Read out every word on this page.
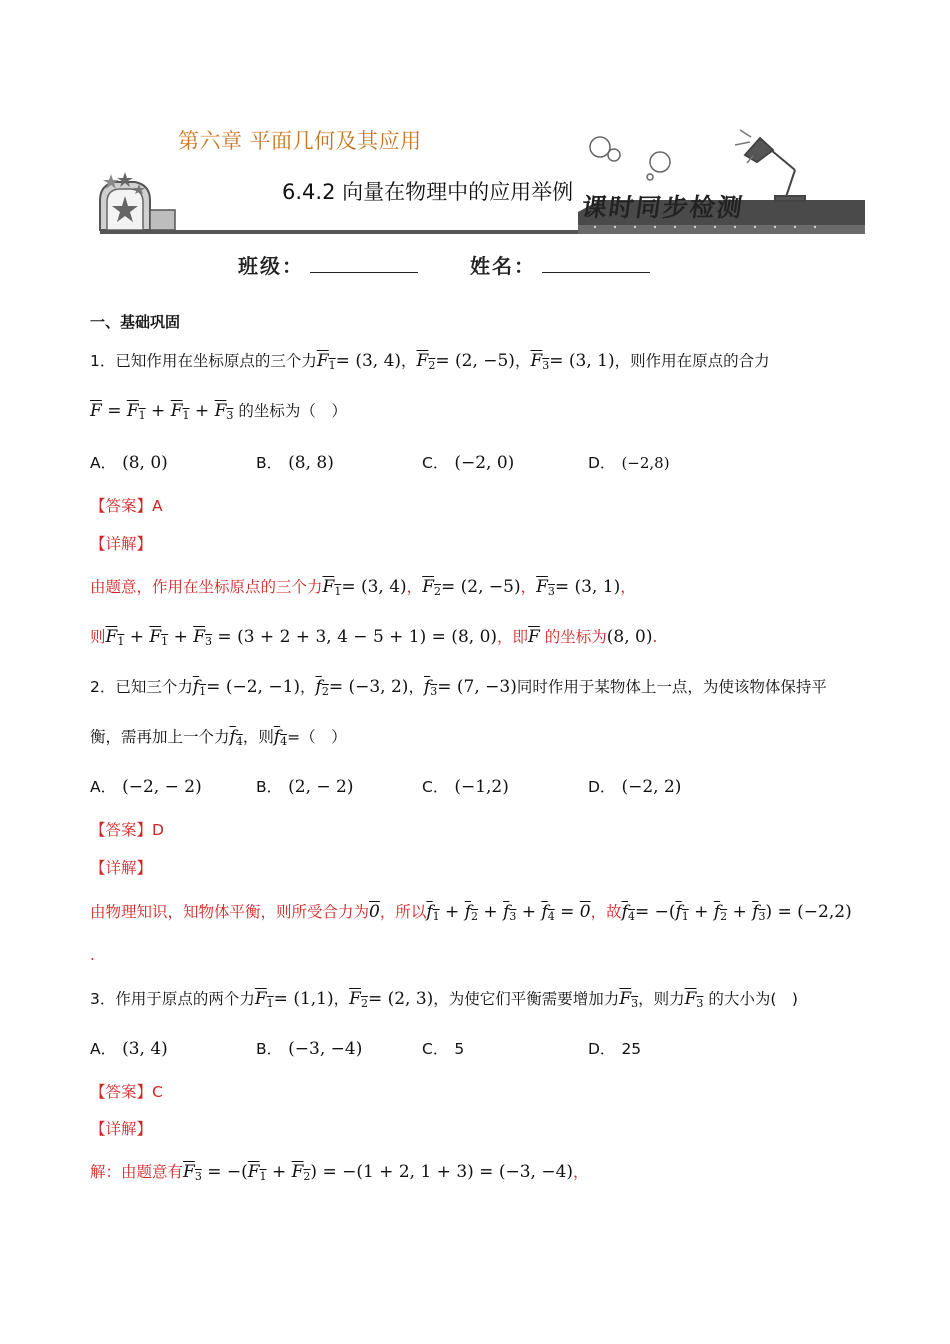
第六章 平面几何及其应用
6.4.2 向量在物理中的应用举例
课时同步检测
班级：	姓名：
一、基础巩固
1．已知作用在坐标原点的三个力$F_1= (3$, 4)，$F_2= (2$, −5)，$F_3= (3$, 1)，则作用在原点的合力
$\overline{F} = F_1 + F_1 + F_3$ 的坐标为（　）
A． (8, 0)	B． (8, 8)	C． (−2, 0)	D． (−2,8)
【答案】A
【详解】
由题意，作用在坐标原点的三个力$F_1= (3$, 4)，$F_2= (2$, −5)，$F_3= (3$, 1)，
则$F_1 + F_1 + F_3 = (3 + 2 + 3$, 4 − 5 + 1) = (8, 0)，即$\overline{F}$ 的坐标为(8, 0).
2．已知三个力$f_1= (-2$, −1)，$f_2= (-3$, 2)，$f_3= (7$, −3)同时作用于某物体上一点，为使该物体保持平
衡，需再加上一个力$f_4$，则$f_4=$（　）
A． (−2, − 2)	B． (2, − 2)	C． (−1,2)	D． (−2, 2)
【答案】D
【详解】
由物理知识，知物体平衡，则所受合力为0，所以$f_1 + f_2 + f_3 + f_4 = 0$，故$f_4= -(f_1 + f_2 + f_3) = (-2,2)$
.
3．作用于原点的两个力$F_1= (1,1)$，$F_2= (2$, 3)，为使它们平衡需要增加力$F_3$，则力$F_3$ 的大小为(　)
A． (3, 4)	B． (−3, −4)	C． 5	D． 25
【答案】C
【详解】
解：由题意有$F_3 = -(F_1 + F_2) = -(1 + 2$, 1 + 3) = (−3, −4)，
